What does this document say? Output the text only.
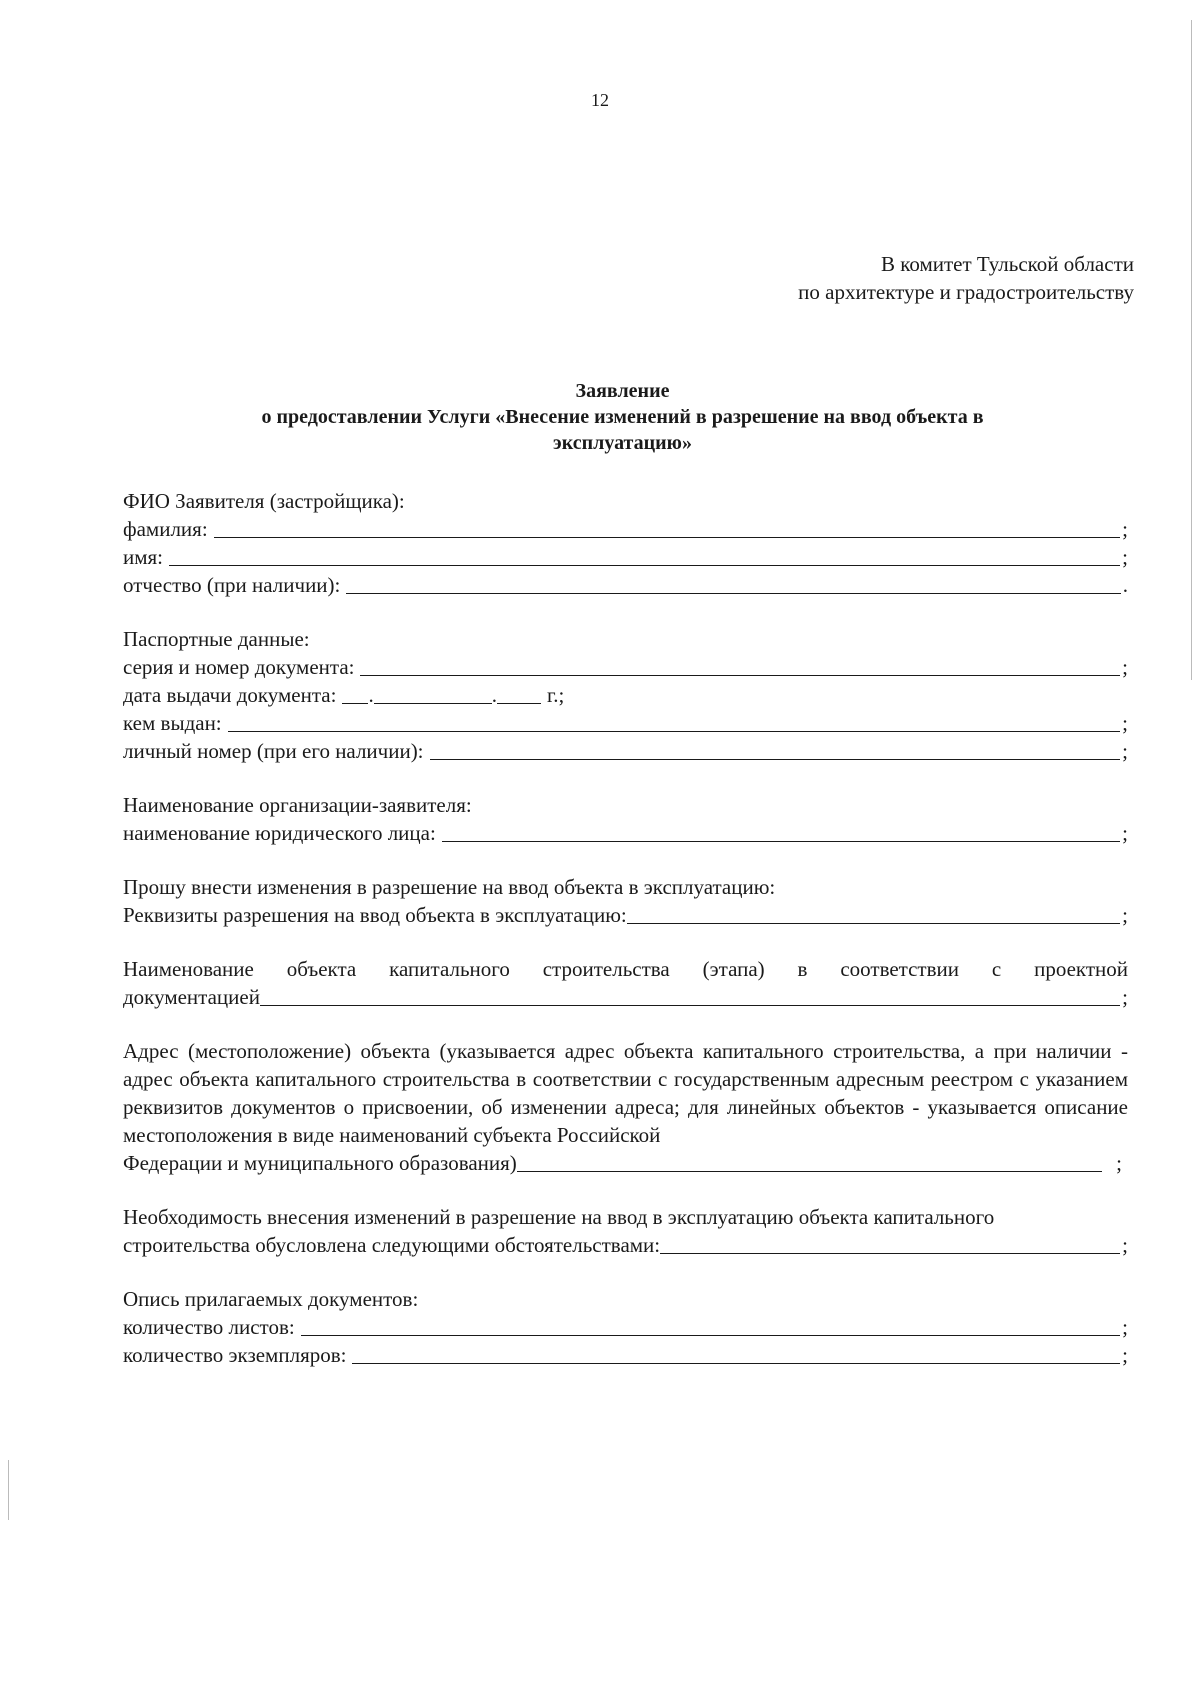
12
В комитет Тульской области
по архитектуре и градостроительству
Заявление
о предоставлении Услуги «Внесение изменений в разрешение на ввод объекта в
эксплуатацию»
ФИО Заявителя (застройщика):
фамилия:	;
имя:	;
отчество (при наличии):	.
Паспортные данные:
серия и номер документа:	;
дата выдачи документа: .	. г.;
кем выдан:	;
личный номер (при его наличии):	;
Наименование организации-заявителя:
наименование юридического лица:	;
Прошу внести изменения в разрешение на ввод объекта в эксплуатацию:
Реквизиты разрешения на ввод объекта в эксплуатацию:	;
Наименование объекта капитального строительства (этапа) в соответствии с проектной
документацией	;
Адрес (местоположение) объекта (указывается адрес объекта капитального строительства, а при наличии - адрес объекта капитального строительства в соответствии с государственным адресным реестром с указанием реквизитов документов о присвоении, об изменении адреса; для линейных объектов - указывается описание местоположения в виде наименований субъекта Российской
Федерации и муниципального образования)	;
Необходимость внесения изменений в разрешение на ввод в эксплуатацию объекта капитального
строительства обусловлена следующими обстоятельствами:	;
Опись прилагаемых документов:
количество листов:	;
количество экземпляров:	;
